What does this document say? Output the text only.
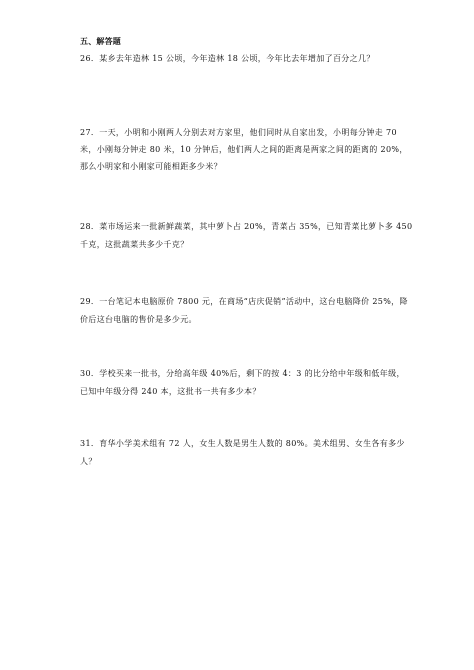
五、解答题
26．某乡去年造林 15 公顷，今年造林 18 公顷，今年比去年增加了百分之几？
27．一天，小明和小刚两人分别去对方家里，他们同时从自家出发，小明每分钟走 70
米，小刚每分钟走 80 米，10 分钟后，他们两人之间的距离是两家之间的距离的 20%，
那么小明家和小刚家可能相距多少米？
28．菜市场运来一批新鲜蔬菜，其中萝卜占 20%，青菜占 35%，已知青菜比萝卜多 450
千克，这批蔬菜共多少千克？
29．一台笔记本电脑原价 7800 元，在商场“店庆促销”活动中，这台电脑降价 25%，降
价后这台电脑的售价是多少元。
30．学校买来一批书，分给高年级 40%后，剩下的按 4：3 的比分给中年级和低年级，
已知中年级分得 240 本，这批书一共有多少本？
31．育华小学美术组有 72 人，女生人数是男生人数的 80%。美术组男、女生各有多少
人？
